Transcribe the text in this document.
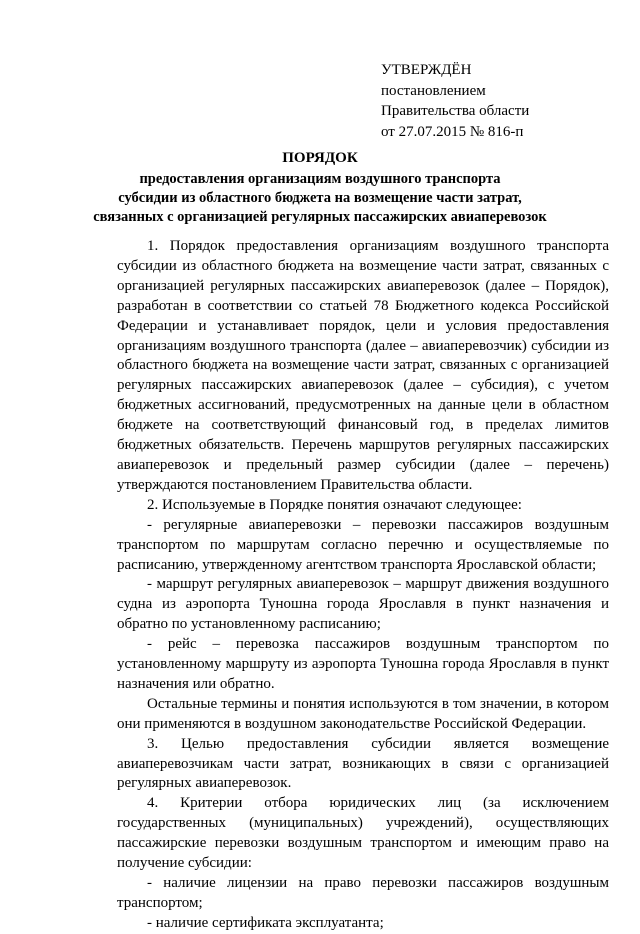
УТВЕРЖДЁН
постановлением
Правительства области
от 27.07.2015 № 816-п
ПОРЯДОК
предоставления организациям воздушного транспорта
субсидии из областного бюджета на возмещение части затрат,
связанных с организацией регулярных пассажирских авиаперевозок

1. Порядок предоставления организациям воздушного транспорта субсидии из областного бюджета на возмещение части затрат, связанных с организацией регулярных пассажирских авиаперевозок (далее – Порядок), разработан в соответствии со статьей 78 Бюджетного кодекса Российской Федерации и устанавливает порядок, цели и условия предоставления организациям воздушного транспорта (далее – авиаперевозчик) субсидии из областного бюджета на возмещение части затрат, связанных с организацией регулярных пассажирских авиаперевозок (далее – субсидия), с учетом бюджетных ассигнований, предусмотренных на данные цели в областном бюджете на соответствующий финансовый год, в пределах лимитов бюджетных обязательств. Перечень маршрутов регулярных пассажирских авиаперевозок и предельный размер субсидии (далее – перечень) утверждаются постановлением Правительства области.

2. Используемые в Порядке понятия означают следующее:

- регулярные авиаперевозки – перевозки пассажиров воздушным транспортом по маршрутам согласно перечню и осуществляемые по расписанию, утвержденному агентством транспорта Ярославской области;

- маршрут регулярных авиаперевозок – маршрут движения воздушного судна из аэропорта Туношна города Ярославля в пункт назначения и обратно по установленному расписанию;

- рейс – перевозка пассажиров воздушным транспортом по установленному маршруту из аэропорта Туношна города Ярославля в пункт назначения или обратно.

Остальные термины и понятия используются в том значении, в котором они применяются в воздушном законодательстве Российской Федерации.

3. Целью предоставления субсидии является возмещение авиаперевозчикам части затрат, возникающих в связи с организацией регулярных авиаперевозок.

4. Критерии отбора юридических лиц (за исключением государственных (муниципальных) учреждений), осуществляющих пассажирские перевозки воздушным транспортом и имеющим право на получение субсидии:

- наличие лицензии на право перевозки пассажиров воздушным транспортом;

- наличие сертификата эксплуатанта;
